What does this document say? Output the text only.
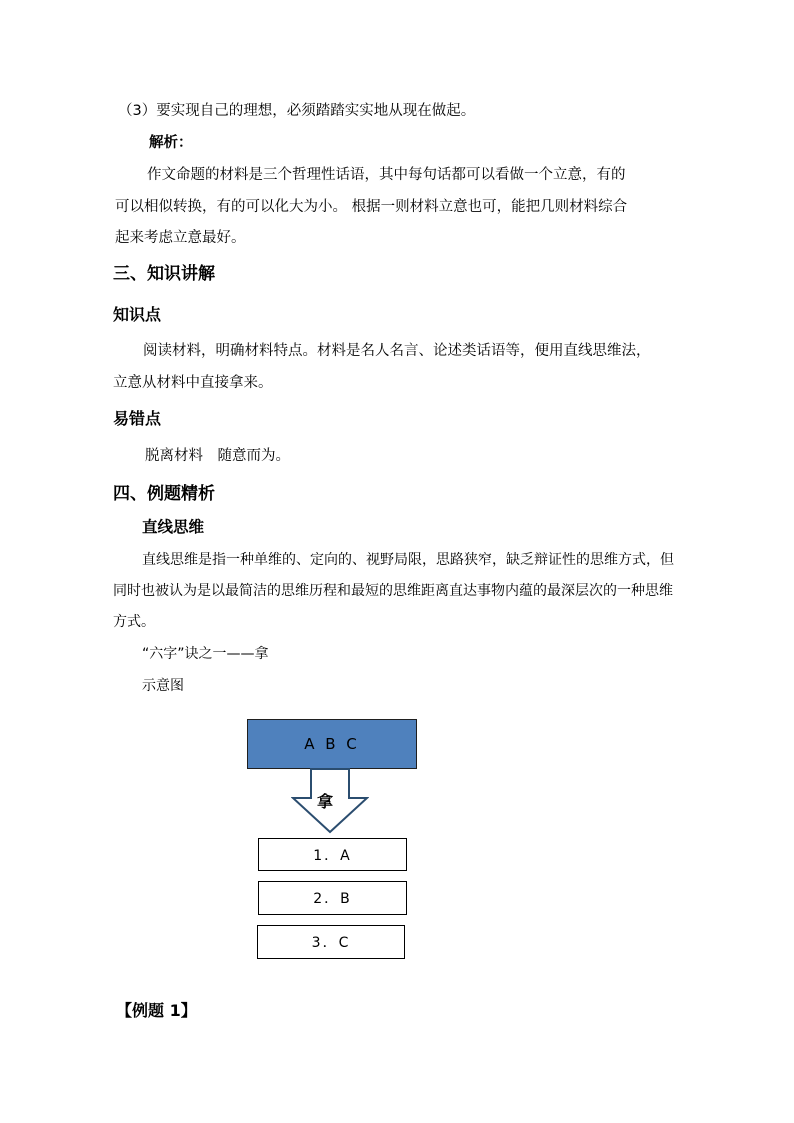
（3）要实现自己的理想，必须踏踏实实地从现在做起。
解析：
作文命题的材料是三个哲理性话语，其中每句话都可以看做一个立意，有的
可以相似转换，有的可以化大为小。 根据一则材料立意也可，能把几则材料综合
起来考虑立意最好。
三、知识讲解
知识点
阅读材料，明确材料特点。材料是名人名言、论述类话语等，便用直线思维法，
立意从材料中直接拿来。
易错点
脱离材料　随意而为。
四、例题精析
直线思维
直线思维是指一种单维的、定向的、视野局限，思路狭窄，缺乏辩证性的思维方式，但
同时也被认为是以最简洁的思维历程和最短的思维距离直达事物内蕴的最深层次的一种思维
方式。
“六字”诀之一——拿
示意图
A B C
拿
1．A
2．B
3．C
【例题 1】
